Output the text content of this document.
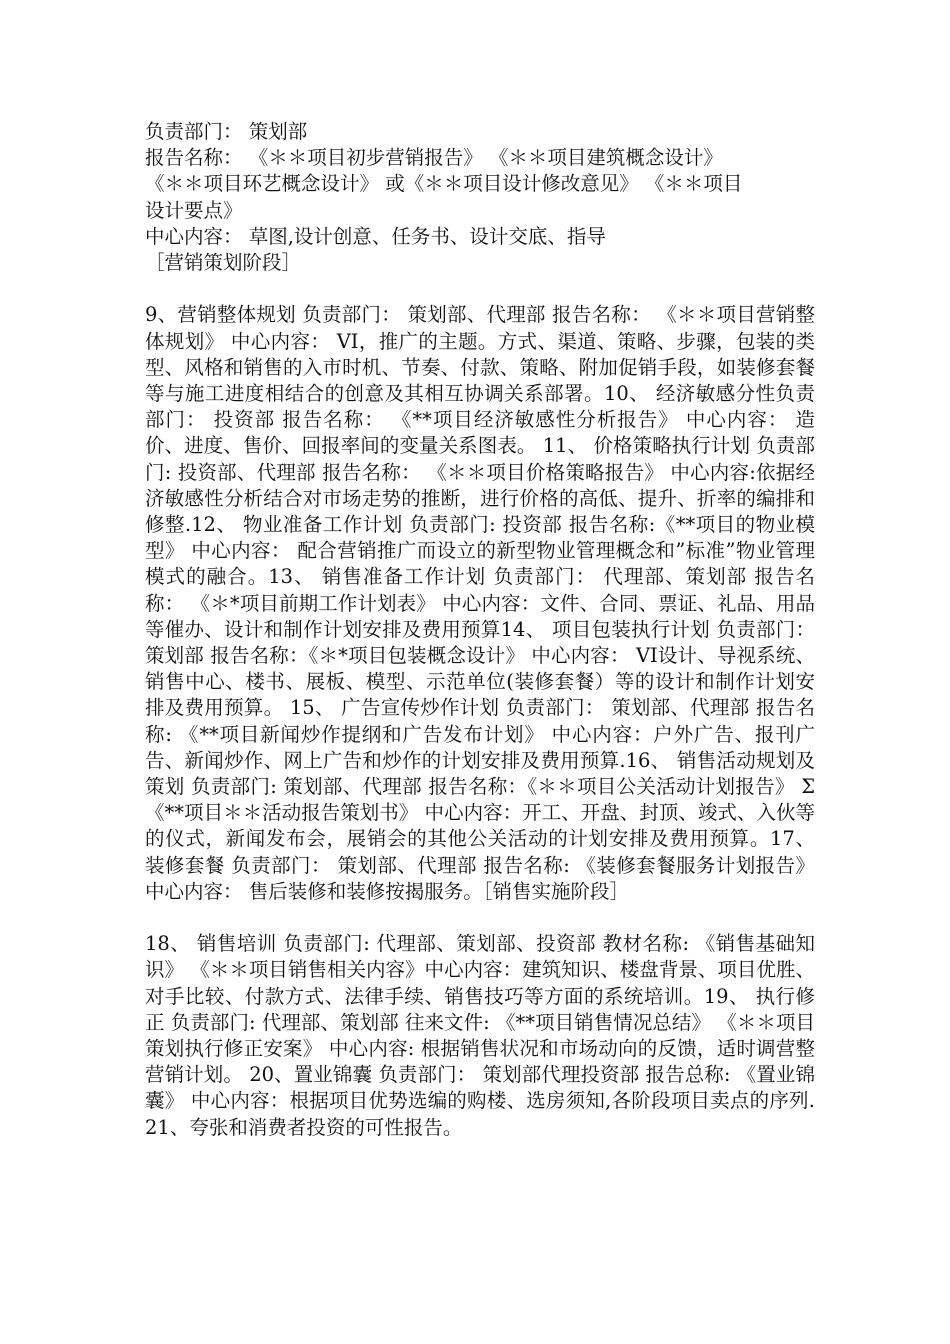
负责部门： 策划部
报告名称： 《＊＊项目初步营销报告》 《＊＊项目建筑概念设计》
《＊＊项目环艺概念设计》 或《＊＊项目设计修改意见》 《＊＊项目
设计要点》
中心内容： 草图,设计创意、任务书、设计交底、指导
［营销策划阶段］

9、营销整体规划 负责部门： 策划部、代理部 报告名称： 《＊＊项目营销整体规划》 中心内容： VI，推广的主题。方式、渠道、策略、步骤，包装的类型、风格和销售的入市时机、节奏、付款、策略、附加促销手段，如装修套餐等与施工进度相结合的创意及其相互协调关系部署。10、 经济敏感分性负责部门： 投资部 报告名称： 《**项目经济敏感性分析报告》 中心内容： 造价、进度、售价、回报率间的变量关系图表。 11、 价格策略执行计划 负责部门: 投资部、代理部 报告名称： 《＊＊项目价格策略报告》 中心内容:依据经济敏感性分析结合对市场走势的推断，进行价格的高低、提升、折率的编排和修整.12、 物业准备工作计划 负责部门: 投资部 报告名称:《**项目的物业模型》 中心内容： 配合营销推广而设立的新型物业管理概念和”标准”物业管理模式的融合。13、 销售准备工作计划 负责部门： 代理部、策划部 报告名称： 《＊*项目前期工作计划表》 中心内容：文件、合同、票证、礼品、用品等催办、设计和制作计划安排及费用预算14、 项目包装执行计划 负责部门： 策划部 报告名称：《＊*项目包装概念设计》 中心内容： VI设计、导视系统、销售中心、楼书、展板、模型、示范单位(装修套餐）等的设计和制作计划安排及费用预算。 15、 广告宣传炒作计划 负责部门： 策划部、代理部 报告名称: 《**项目新闻炒作提纲和广告发布计划》 中心内容：户外广告、报刊广告、新闻炒作、网上广告和炒作的计划安排及费用预算.16、 销售活动规划及策划 负责部门: 策划部、代理部 报告名称：《＊＊项目公关活动计划报告》 Σ《**项目＊＊活动报告策划书》 中心内容：开工、开盘、封顶、竣式、入伙等的仪式，新闻发布会，展销会的其他公关活动的计划安排及费用预算。17、 装修套餐 负责部门： 策划部、代理部 报告名称: 《装修套餐服务计划报告》 中心内容： 售后装修和装修按揭服务。［销售实施阶段］

18、 销售培训 负责部门: 代理部、策划部、投资部 教材名称: 《销售基础知识》 《＊＊项目销售相关内容》中心内容：建筑知识、楼盘背景、项目优胜、对手比较、付款方式、法律手续、销售技巧等方面的系统培训。19、 执行修正 负责部门: 代理部、策划部 往来文件: 《**项目销售情况总结》 《＊＊项目策划执行修正安案》 中心内容: 根据销售状况和市场动向的反馈，适时调营整营销计划。 20、置业锦囊 负责部门： 策划部代理投资部 报告总称: 《置业锦囊》 中心内容：根据项目优势选编的购楼、选房须知,各阶段项目卖点的序列.21、夸张和消费者投资的可性报告。
